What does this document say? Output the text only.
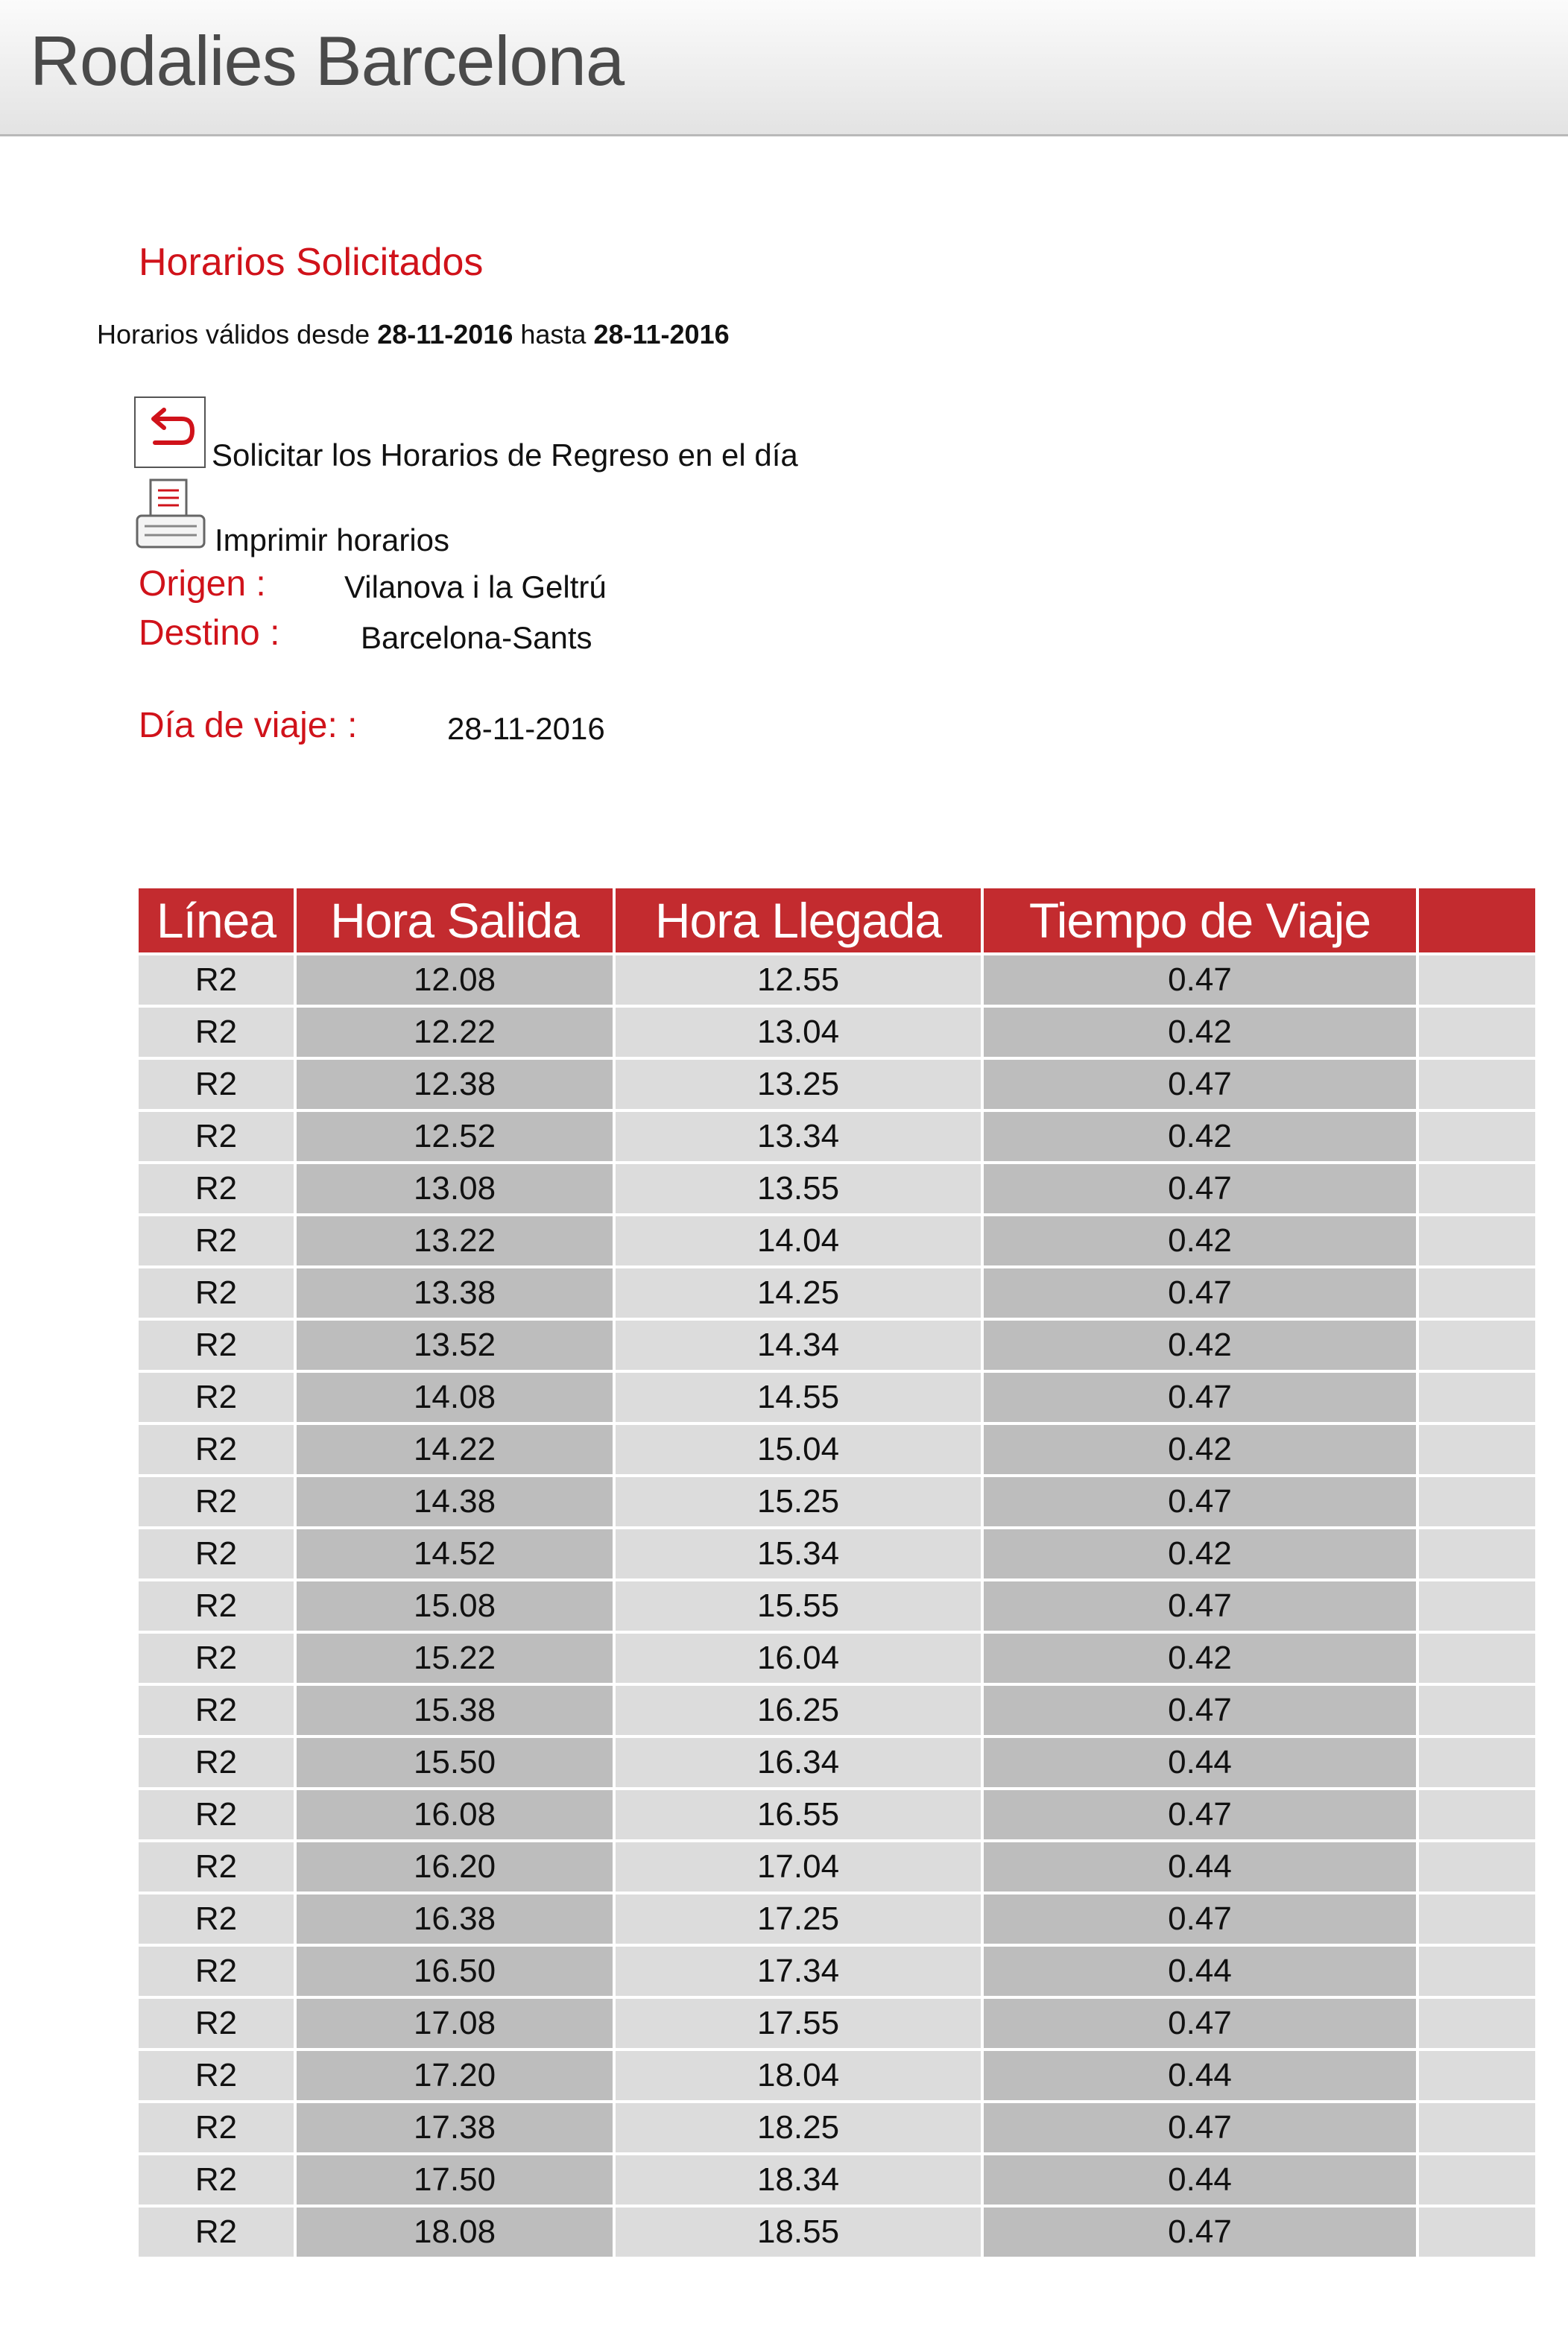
Rodalies Barcelona
Horarios Solicitados
Horarios válidos desde 28-11-2016 hasta 28-11-2016
Solicitar los Horarios de Regreso en el día
Imprimir horarios
Origen :	Vilanova i la Geltrú
Destino :	Barcelona-Sants
Día de viaje: :	28-11-2016
Línea	Hora Salida	Hora Llegada	Tiempo de Viaje	
R2	12.08	12.55	0.47	
R2	12.22	13.04	0.42	
R2	12.38	13.25	0.47	
R2	12.52	13.34	0.42	
R2	13.08	13.55	0.47	
R2	13.22	14.04	0.42	
R2	13.38	14.25	0.47	
R2	13.52	14.34	0.42	
R2	14.08	14.55	0.47	
R2	14.22	15.04	0.42	
R2	14.38	15.25	0.47	
R2	14.52	15.34	0.42	
R2	15.08	15.55	0.47	
R2	15.22	16.04	0.42	
R2	15.38	16.25	0.47	
R2	15.50	16.34	0.44	
R2	16.08	16.55	0.47	
R2	16.20	17.04	0.44	
R2	16.38	17.25	0.47	
R2	16.50	17.34	0.44	
R2	17.08	17.55	0.47	
R2	17.20	18.04	0.44	
R2	17.38	18.25	0.47	
R2	17.50	18.34	0.44	
R2	18.08	18.55	0.47	
